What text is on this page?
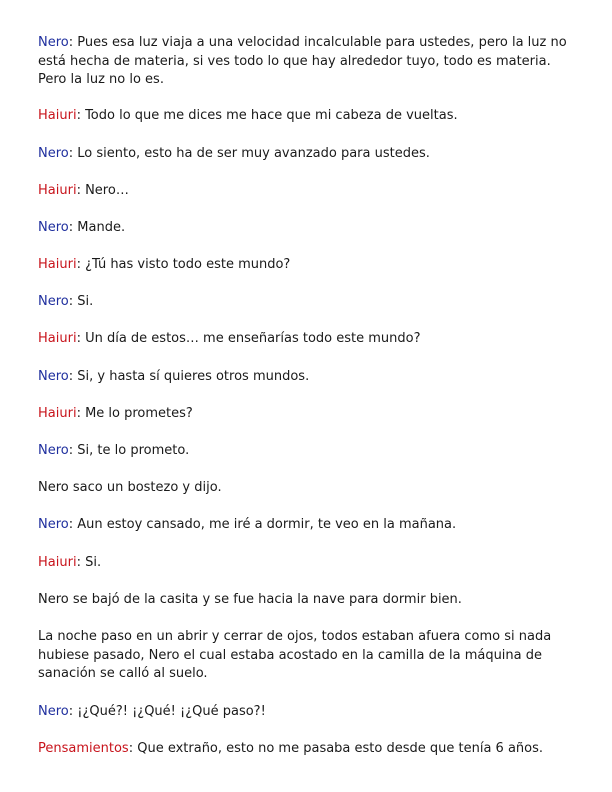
Nero: Pues esa luz viaja a una velocidad incalculable para ustedes, pero la luz no está hecha de materia, si ves todo lo que hay alrededor tuyo, todo es materia. Pero la luz no lo es.

Haiuri: Todo lo que me dices me hace que mi cabeza de vueltas.

Nero: Lo siento, esto ha de ser muy avanzado para ustedes.

Haiuri: Nero…

Nero: Mande.

Haiuri: ¿Tú has visto todo este mundo?

Nero: Si.

Haiuri: Un día de estos… me enseñarías todo este mundo?

Nero: Si, y hasta sí quieres otros mundos.

Haiuri: Me lo prometes?

Nero: Si, te lo prometo.

Nero saco un bostezo y dijo.

Nero: Aun estoy cansado, me iré a dormir, te veo en la mañana.

Haiuri: Si.

Nero se bajó de la casita y se fue hacia la nave para dormir bien.

La noche paso en un abrir y cerrar de ojos, todos estaban afuera como si nada hubiese pasado, Nero el cual estaba acostado en la camilla de la máquina de sanación se calló al suelo.

Nero: ¡¿Qué?! ¡¿Qué! ¡¿Qué paso?!

Pensamientos: Que extraño, esto no me pasaba esto desde que tenía 6 años.
